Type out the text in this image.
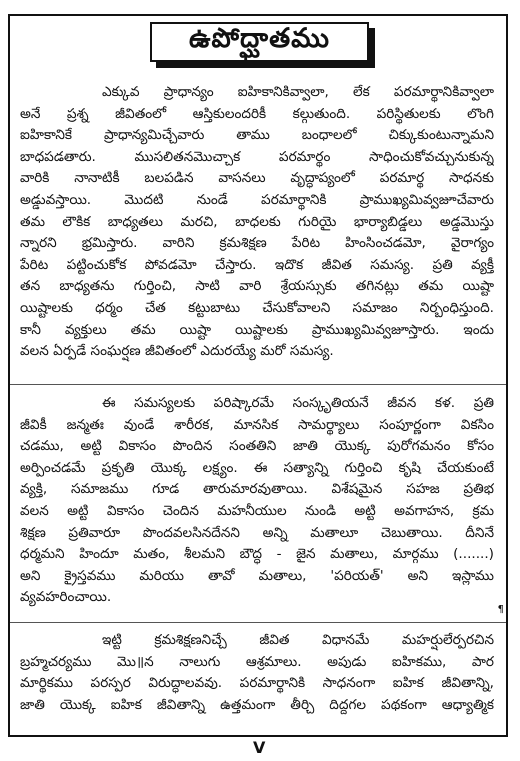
ఉపోద్ఘాతము
ఎక్కువ ప్రాధాన్యం ఐహికానికివ్వాలా, లేక పరమార్థానికివ్వాలా
అనే ప్రశ్న జీవితంలో ఆస్తికులందరికీ కల్గుతుంది. పరిస్థితులకు లొంగి
ఐహికానికే ప్రాధాన్యమిచ్చేవారు తాము బంధాలలో చిక్కుకుంటున్నామని
బాధపడతారు. ముసలితనమొచ్చాక పరమార్థం సాధించుకోవచ్చునుకున్న
వారికి నానాటికీ బలపడిన వాసనలు వృద్ధాప్యంలో పరమార్థ సాధనకు
అడ్డువస్తాయి. మొదటి నుండే పరమార్థానికి ప్రాముఖ్యమివ్వజూచేవారు
తమ లౌకిక బాధ్యతలు మరచి, బాధలకు గురియై భార్యాబిడ్డలు అడ్డమొస్తు
న్నారని భ్రమిస్తారు. వారిని క్రమశిక్షణ పేరిట హింసించడమో, వైరాగ్యం
పేరిట పట్టించుకోక పోవడమో చేస్తారు. ఇదొక జీవిత సమస్య. ప్రతి వ్యక్తీ
తన బాధ్యతను గుర్తించి, సాటి వారి శ్రేయస్సుకు తగినట్లు తమ యిష్టా
యిష్టాలకు ధర్మం చేత కట్టుబాటు చేసుకోవాలని సమాజం నిర్బంధిస్తుంది.
కానీ వ్యక్తులు తమ యిష్టా యిష్టాలకు ప్రాముఖ్యమివ్వజూస్తారు. ఇందు
వలన ఏర్పడే సంఘర్షణ జీవితంలో ఎదురయ్యే మరో సమస్య.
ఈ సమస్యలకు పరిష్కారమే సంస్కృతియనే జీవన కళ. ప్రతి
జీవికీ జన్మతః వుండే శారీరక, మానసిక సామర్థ్యాలు సంపూర్ణంగా వికసిం
చడము, అట్టి వికాసం పొందిన సంతతిని జాతి యొక్క పురోగమనం కోసం
అర్పించడమే ప్రకృతి యొక్క లక్ష్యం. ఈ సత్యాన్ని గుర్తించి కృషి చేయకుంటే
వ్యక్తి, సమాజము గూడ తారుమారవుతాయి. విశేషమైన సహజ ప్రతిభ
వలన అట్టి వికాసం చెందిన మహనీయుల నుండి అట్టి అవగాహన, క్రమ
శిక్షణ ప్రతివారూ పొందవలసినదేనని అన్ని మతాలూ చెబుతాయి. దీనినే
ధర్మమని హిందూ మతం, శీలమని బౌద్ధ - జైన మతాలు, మార్గము (.......)
అని క్రైస్తవము మరియు తావో మతాలు, 'పరియత్' అని ఇస్లాము
వ్యవహరించాయి.
¶
ఇట్టి క్రమశిక్షణనిచ్చే జీవిత విధానమే మహర్షులేర్పరచిన
బ్రహ్మచర్యము మొ॥న నాలుగు ఆశ్రమాలు. అపుడు ఐహికము, పార
మార్థికము పరస్పర విరుద్ధాలవవు. పరమార్థానికి సాధనంగా ఐహిక జీవితాన్ని,
జాతి యొక్క ఐహిక జీవితాన్ని ఉత్తమంగా తీర్చి దిద్దగల పథకంగా ఆధ్యాత్మిక
V
